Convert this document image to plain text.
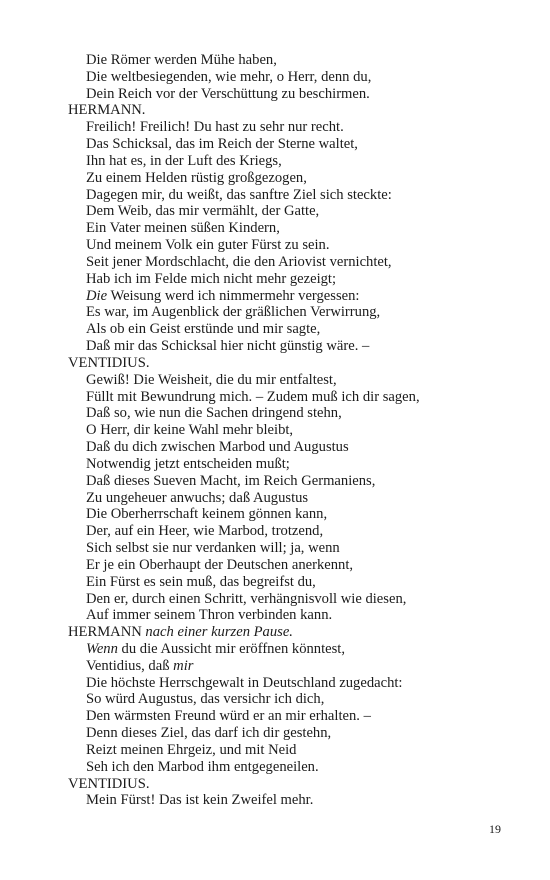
Die Römer werden Mühe haben,
Die weltbesiegenden, wie mehr, o Herr, denn du,
Dein Reich vor der Verschüttung zu beschirmen.
HERMANN.
Freilich! Freilich! Du hast zu sehr nur recht.
Das Schicksal, das im Reich der Sterne waltet,
Ihn hat es, in der Luft des Kriegs,
Zu einem Helden rüstig großgezogen,
Dagegen mir, du weißt, das sanftre Ziel sich steckte:
Dem Weib, das mir vermählt, der Gatte,
Ein Vater meinen süßen Kindern,
Und meinem Volk ein guter Fürst zu sein.
Seit jener Mordschlacht, die den Ariovist vernichtet,
Hab ich im Felde mich nicht mehr gezeigt;
Die Weisung werd ich nimmermehr vergessen:
Es war, im Augenblick der gräßlichen Verwirrung,
Als ob ein Geist erstünde und mir sagte,
Daß mir das Schicksal hier nicht günstig wäre. –
VENTIDIUS.
Gewiß! Die Weisheit, die du mir entfaltest,
Füllt mit Bewundrung mich. – Zudem muß ich dir sagen,
Daß so, wie nun die Sachen dringend stehn,
O Herr, dir keine Wahl mehr bleibt,
Daß du dich zwischen Marbod und Augustus
Notwendig jetzt entscheiden mußt;
Daß dieses Sueven Macht, im Reich Germaniens,
Zu ungeheuer anwuchs; daß Augustus
Die Oberherrschaft keinem gönnen kann,
Der, auf ein Heer, wie Marbod, trotzend,
Sich selbst sie nur verdanken will; ja, wenn
Er je ein Oberhaupt der Deutschen anerkennt,
Ein Fürst es sein muß, das begreifst du,
Den er, durch einen Schritt, verhängnisvoll wie diesen,
Auf immer seinem Thron verbinden kann.
HERMANN nach einer kurzen Pause.
Wenn du die Aussicht mir eröffnen könntest,
Ventidius, daß mir
Die höchste Herrschgewalt in Deutschland zugedacht:
So würd Augustus, das versichr ich dich,
Den wärmsten Freund würd er an mir erhalten. –
Denn dieses Ziel, das darf ich dir gestehn,
Reizt meinen Ehrgeiz, und mit Neid
Seh ich den Marbod ihm entgegeneilen.
VENTIDIUS.
Mein Fürst! Das ist kein Zweifel mehr.
19
